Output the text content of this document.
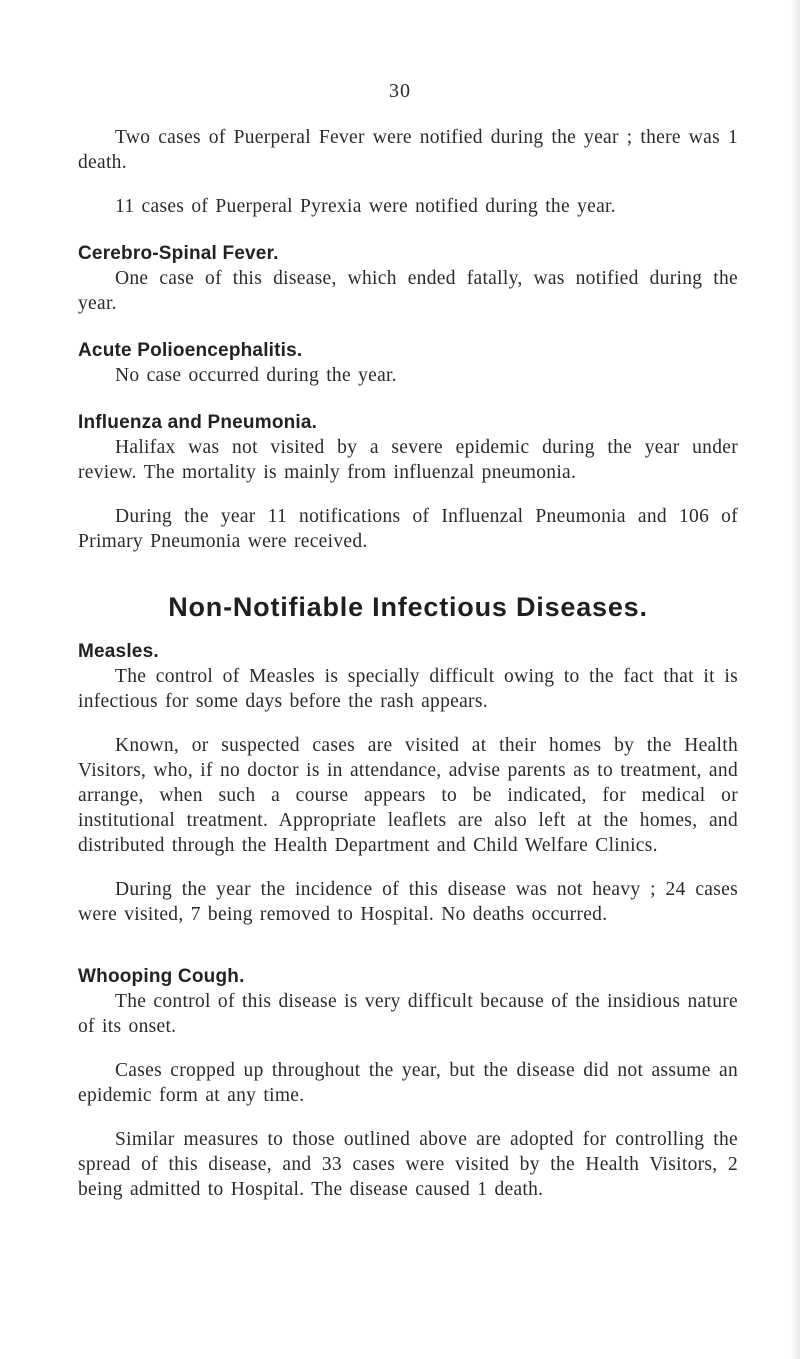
30

Two cases of Puerperal Fever were notified during the year ; there was 1 death.

11 cases of Puerperal Pyrexia were notified during the year.

Cerebro-Spinal Fever.

One case of this disease, which ended fatally, was notified during the year.

Acute Polioencephalitis.

No case occurred during the year.

Influenza and Pneumonia.

Halifax was not visited by a severe epidemic during the year under review. The mortality is mainly from influenzal pneumonia.

During the year 11 notifications of Influenzal Pneumonia and 106 of Primary Pneumonia were received.

Non-Notifiable Infectious Diseases.
Measles.

The control of Measles is specially difficult owing to the fact that it is infectious for some days before the rash appears.

Known, or suspected cases are visited at their homes by the Health Visitors, who, if no doctor is in attendance, advise parents as to treatment, and arrange, when such a course appears to be indicated, for medical or institutional treatment. Appropriate leaflets are also left at the homes, and distributed through the Health Department and Child Welfare Clinics.

During the year the incidence of this disease was not heavy ; 24 cases were visited, 7 being removed to Hospital. No deaths occurred.

Whooping Cough.

The control of this disease is very difficult because of the insidious nature of its onset.

Cases cropped up throughout the year, but the disease did not assume an epidemic form at any time.

Similar measures to those outlined above are adopted for controlling the spread of this disease, and 33 cases were visited by the Health Visitors, 2 being admitted to Hospital. The disease caused 1 death.
